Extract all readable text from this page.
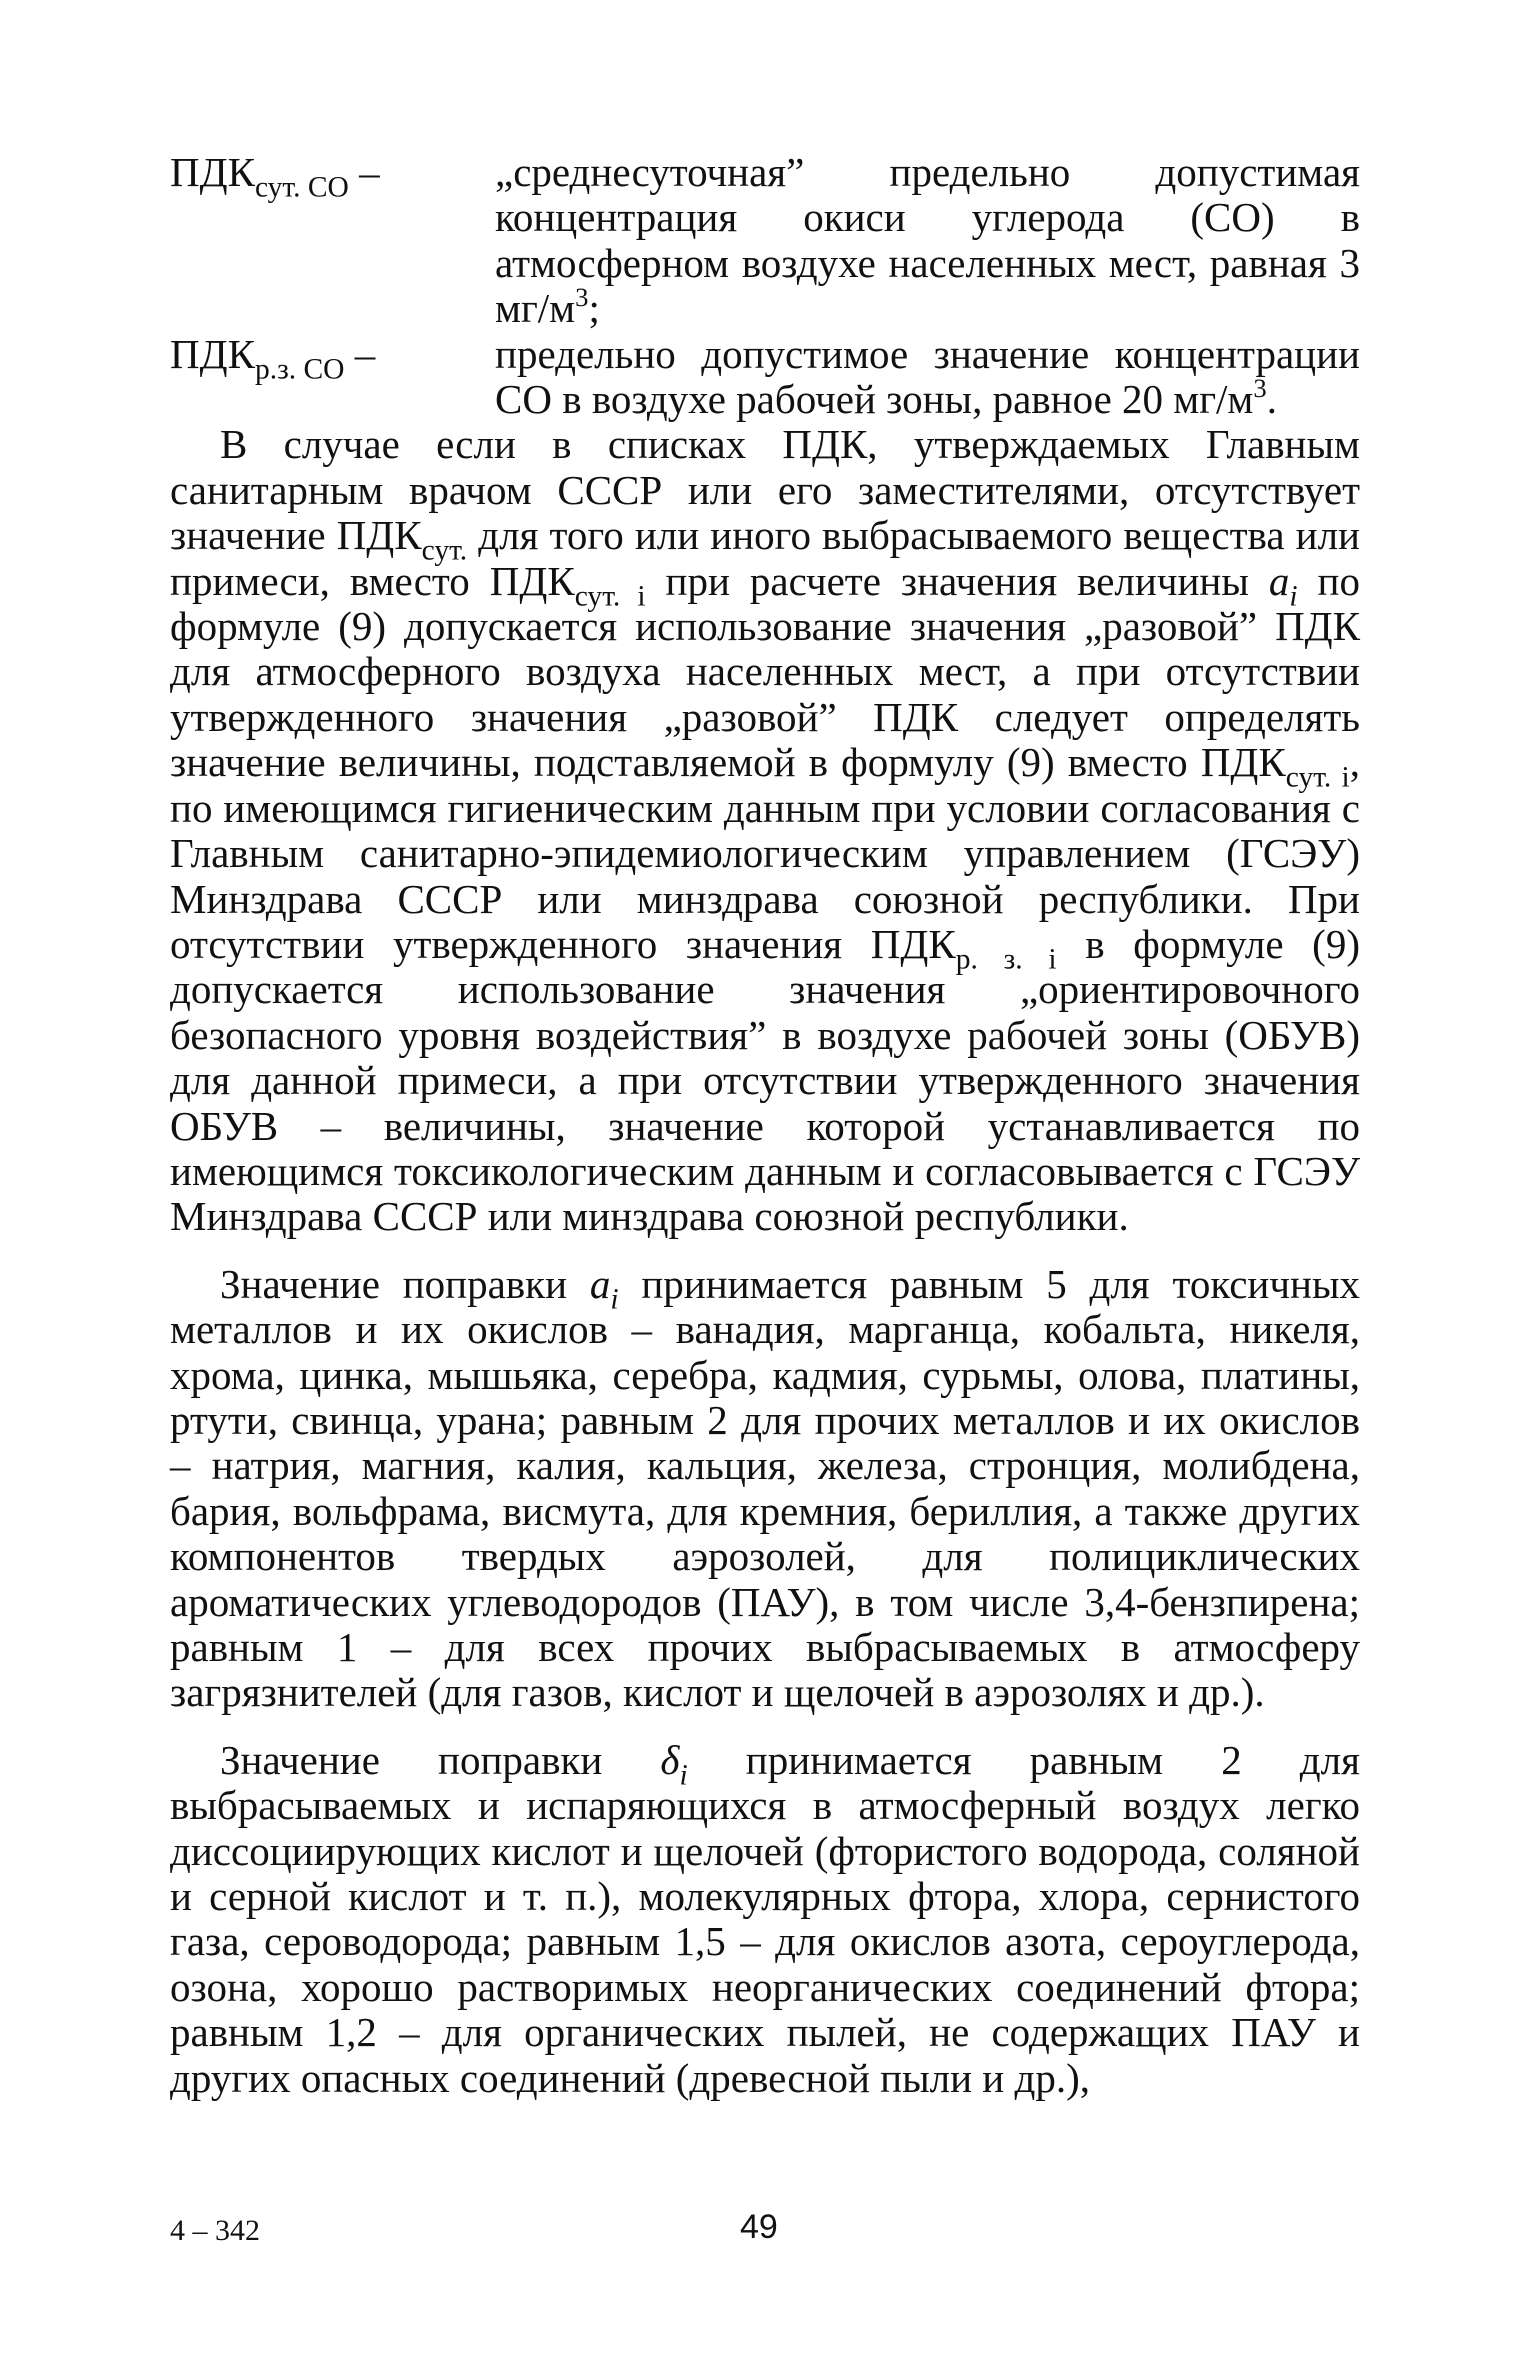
$ПДК_{сут. СО}$ –	„среднесуточная” предельно допустимая концентрация окиси углерода (СО) в атмосферном воздухе населенных мест, равная 3 $мг/м^3$;
$ПДК_{р.з. СО}$ –	предельно допустимое значение концентрации СО в воздухе рабочей зоны, равное 20 $мг/м^3$.

В случае если в списках ПДК, утверждаемых Главным санитарным врачом СССР или его заместителями, отсутствует значение $ПДК_{сут.}$ для того или иного выбрасываемого вещества или примеси, вместо $ПДК_{сут. i}$ при расчете значения величины $a_i$ по формуле (9) допускается использование значения „разовой” ПДК для атмосферного воздуха населенных мест, а при отсутствии утвержденного значения „разовой” ПДК следует определять значение величины, подставляемой в формулу (9) вместо $ПДК_{сут. i}$, по имеющимся гигиеническим данным при условии согласования с Главным санитарно-эпидемиологическим управлением (ГСЭУ) Минздрава СССР или минздрава союзной республики. При отсутствии утвержденного значения $ПДК_{р. з. i}$ в формуле (9) допускается использование значения „ориентировочного безопасного уровня воздействия” в воздухе рабочей зоны (ОБУВ) для данной примеси, а при отсутствии утвержденного значения ОБУВ – величины, значение которой устанавливается по имеющимся токсикологическим данным и согласовывается с ГСЭУ Минздрава СССР или минздрава союзной республики.

Значение поправки $a_i$ принимается равным 5 для токсичных металлов и их окислов – ванадия, марганца, кобальта, никеля, хрома, цинка, мышьяка, серебра, кадмия, сурьмы, олова, платины, ртути, свинца, урана; равным 2 для прочих металлов и их окислов – натрия, магния, калия, кальция, железа, стронция, молибдена, бария, вольфрама, висмута, для кремния, бериллия, а также других компонентов твердых аэрозолей, для полициклических ароматических углеводородов (ПАУ), в том числе 3,4-бензпирена; равным 1 – для всех прочих выбрасываемых в атмосферу загрязнителей (для газов, кислот и щелочей в аэрозолях и др.).

Значение поправки $\delta_i$ принимается равным 2 для выбрасываемых и испаряющихся в атмосферный воздух легко диссоциирующих кислот и щелочей (фтористого водорода, соляной и серной кислот и т. п.), молекулярных фтора, хлора, сернистого газа, сероводорода; равным 1,5 – для окислов азота, сероуглерода, озона, хорошо растворимых неорганических соединений фтора; равным 1,2 – для органических пылей, не содержащих ПАУ и других опасных соединений (древесной пыли и др.),

4 – 342	49
